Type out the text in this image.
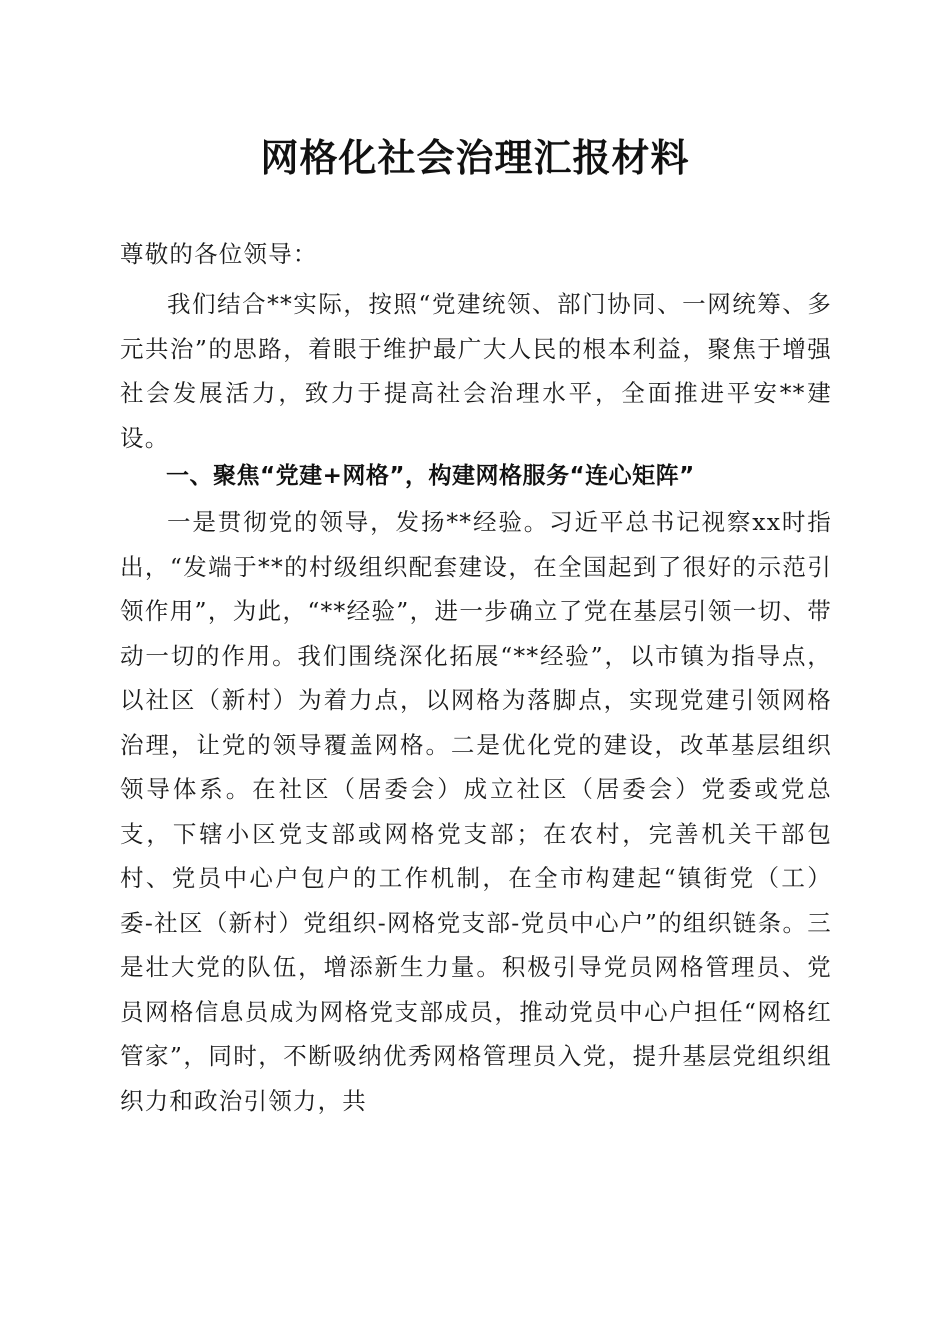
网格化社会治理汇报材料
尊敬的各位领导：
我们结合**实际，按照“党建统领、部门协同、一网统筹、多元共治”的思路，着眼于维护最广大人民的根本利益，聚焦于增强社会发展活力，致力于提高社会治理水平，全面推进平安**建设。
一、聚焦“党建+网格”，构建网格服务“连心矩阵”
一是贯彻党的领导，发扬**经验。习近平总书记视察xx时指出，“发端于**的村级组织配套建设，在全国起到了很好的示范引领作用”，为此，“**经验”，进一步确立了党在基层引领一切、带动一切的作用。我们围绕深化拓展“**经验”，以市镇为指导点，以社区（新村）为着力点，以网格为落脚点，实现党建引领网格治理，让党的领导覆盖网格。二是优化党的建设，改革基层组织领导体系。在社区（居委会）成立社区（居委会）党委或党总支，下辖小区党支部或网格党支部；在农村，完善机关干部包村、党员中心户包户的工作机制，在全市构建起“镇街党（工）委-社区（新村）党组织-网格党支部-党员中心户”的组织链条。三是壮大党的队伍，增添新生力量。积极引导党员网格管理员、党员网格信息员成为网格党支部成员，推动党员中心户担任“网格红管家”，同时，不断吸纳优秀网格管理员入党，提升基层党组织组织力和政治引领力，共
